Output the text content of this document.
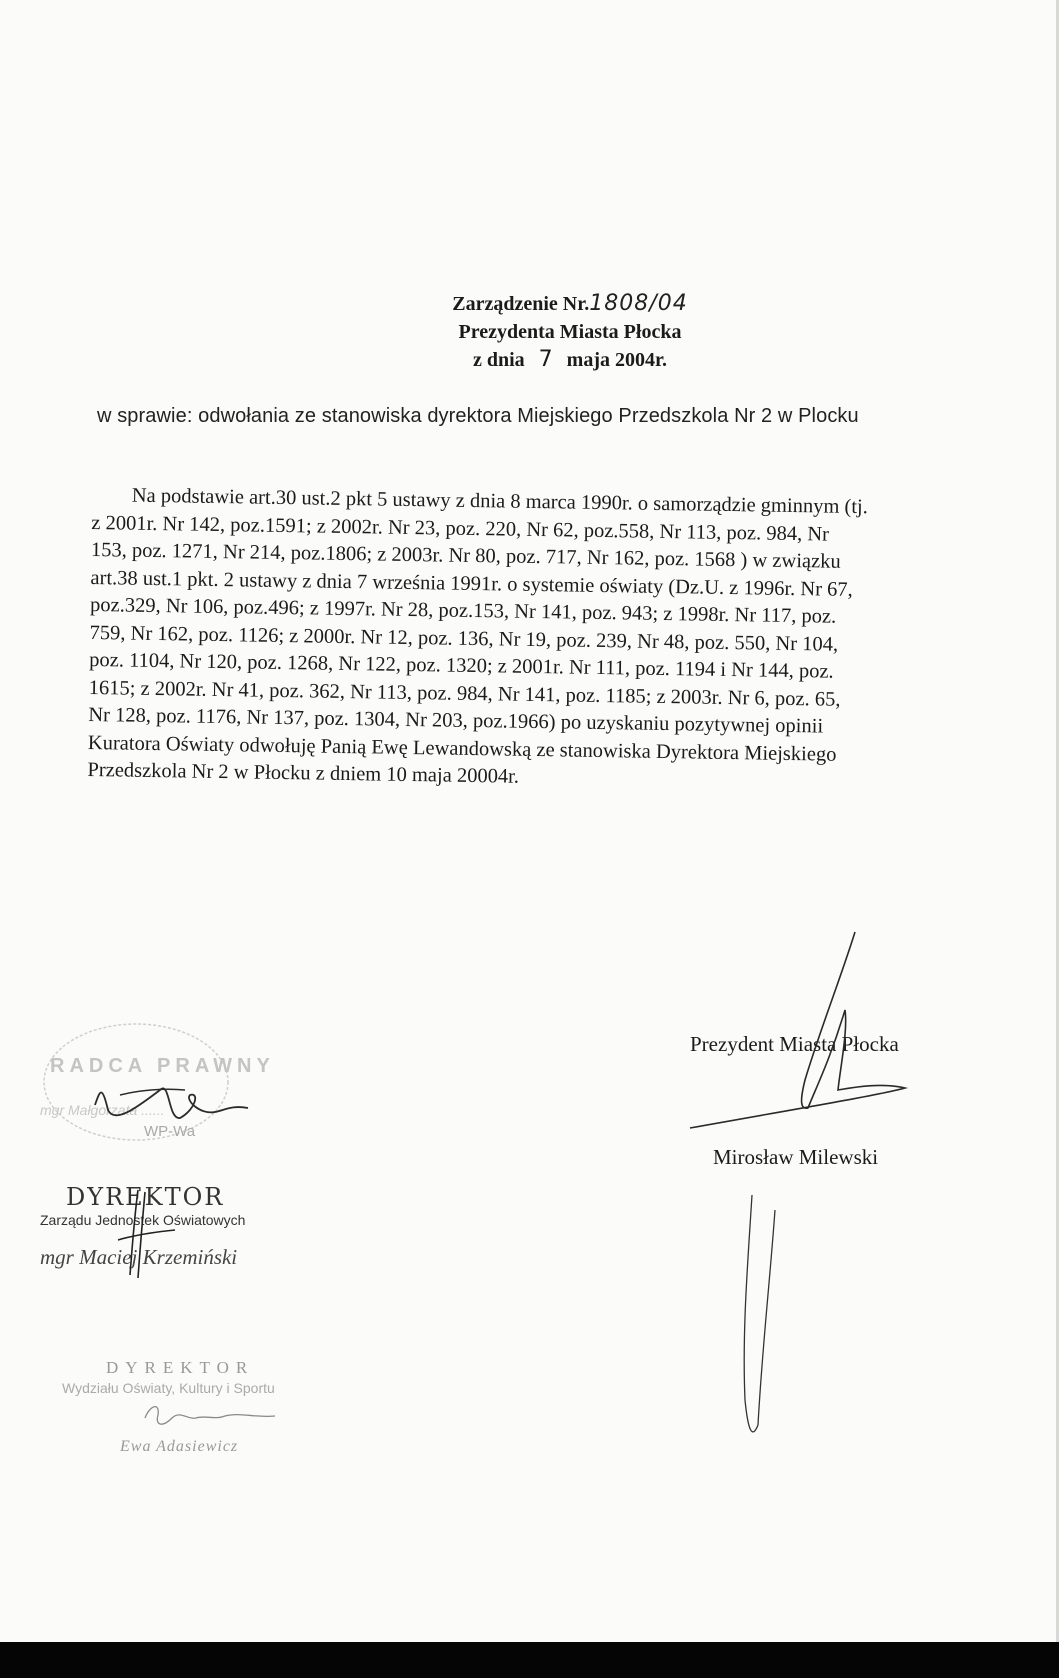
Zarządzenie Nr.1808/04
Prezydenta Miasta Płocka
z dnia 7 maja 2004r.
w sprawie: odwołania ze stanowiska dyrektora Miejskiego Przedszkola Nr 2 w Plocku
Na podstawie art.30 ust.2 pkt 5 ustawy z dnia 8 marca 1990r. o samorządzie gminnym (tj.
z 2001r. Nr 142, poz.1591; z 2002r. Nr 23, poz. 220, Nr 62, poz.558, Nr 113, poz. 984, Nr
153, poz. 1271, Nr 214, poz.1806; z 2003r. Nr 80, poz. 717, Nr 162, poz. 1568 ) w związku
art.38 ust.1 pkt. 2 ustawy z dnia 7 września 1991r. o systemie oświaty (Dz.U. z 1996r. Nr 67,
poz.329, Nr 106, poz.496; z 1997r. Nr 28, poz.153, Nr 141, poz. 943; z 1998r. Nr 117, poz.
759, Nr 162, poz. 1126; z 2000r. Nr 12, poz. 136, Nr 19, poz. 239, Nr 48, poz. 550, Nr 104,
poz. 1104, Nr 120, poz. 1268, Nr 122, poz. 1320; z 2001r. Nr 111, poz. 1194 i Nr 144, poz.
1615; z 2002r. Nr 41, poz. 362, Nr 113, poz. 984, Nr 141, poz. 1185; z 2003r. Nr 6, poz. 65,
Nr 128, poz. 1176, Nr 137, poz. 1304, Nr 203, poz.1966) po uzyskaniu pozytywnej opinii
Kuratora Oświaty odwołuję Panią Ewę Lewandowską ze stanowiska Dyrektora Miejskiego
Przedszkola Nr 2 w Płocku z dniem 10 maja 20004r.
Prezydent Miasta Płocka
Mirosław Milewski
RADCA PRAWNY
mgr Małgorzata ......
WP-Wa
DYREKTOR
Zarządu Jednostek Oświatowych
mgr Maciej Krzemiński
DYREKTOR
Wydziału Oświaty, Kultury i Sportu
Ewa Adasiewicz
